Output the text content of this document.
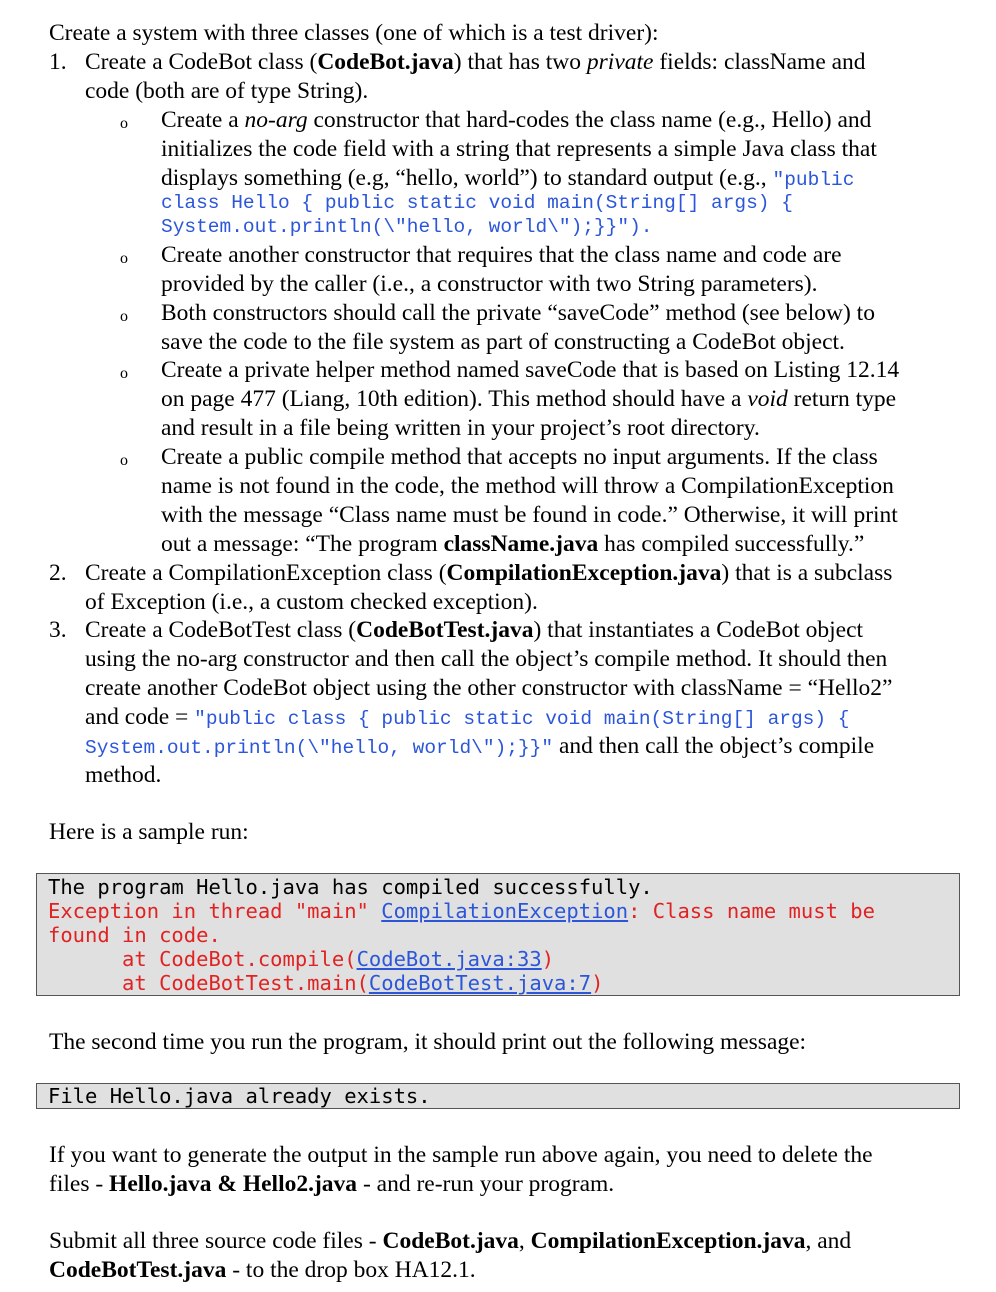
Create a system with three classes (one of which is a test driver):
1. Create a CodeBot class (CodeBot.java) that has two private fields: className and
code (both are of type String).
o Create a no-arg constructor that hard-codes the class name (e.g., Hello) and
initializes the code field with a string that represents a simple Java class that
displays something (e.g, “hello, world”) to standard output (e.g., "public
class Hello { public static void main(String[] args) {
System.out.println(\"hello, world\");}}").
o Create another constructor that requires that the class name and code are
provided by the caller (i.e., a constructor with two String parameters).
o Both constructors should call the private “saveCode” method (see below) to
save the code to the file system as part of constructing a CodeBot object.
o Create a private helper method named saveCode that is based on Listing 12.14
on page 477 (Liang, 10th edition). This method should have a void return type
and result in a file being written in your project’s root directory.
o Create a public compile method that accepts no input arguments. If the class
name is not found in the code, the method will throw a CompilationException
with the message “Class name must be found in code.” Otherwise, it will print
out a message: “The program className.java has compiled successfully.”
2. Create a CompilationException class (CompilationException.java) that is a subclass
of Exception (i.e., a custom checked exception).
3. Create a CodeBotTest class (CodeBotTest.java) that instantiates a CodeBot object
using the no-arg constructor and then call the object’s compile method. It should then
create another CodeBot object using the other constructor with className = “Hello2”
and code = "public class { public static void main(String[] args) {
System.out.println(\"hello, world\");}}" and then call the object’s compile
method.
Here is a sample run:
The program Hello.java has compiled successfully.
Exception in thread "main" CompilationException: Class name must be
found in code.
at CodeBot.compile(CodeBot.java:33)
at CodeBotTest.main(CodeBotTest.java:7)
The second time you run the program, it should print out the following message:
File Hello.java already exists.
If you want to generate the output in the sample run above again, you need to delete the
files - Hello.java & Hello2.java - and re-run your program.
Submit all three source code files - CodeBot.java, CompilationException.java, and
CodeBotTest.java - to the drop box HA12.1.
